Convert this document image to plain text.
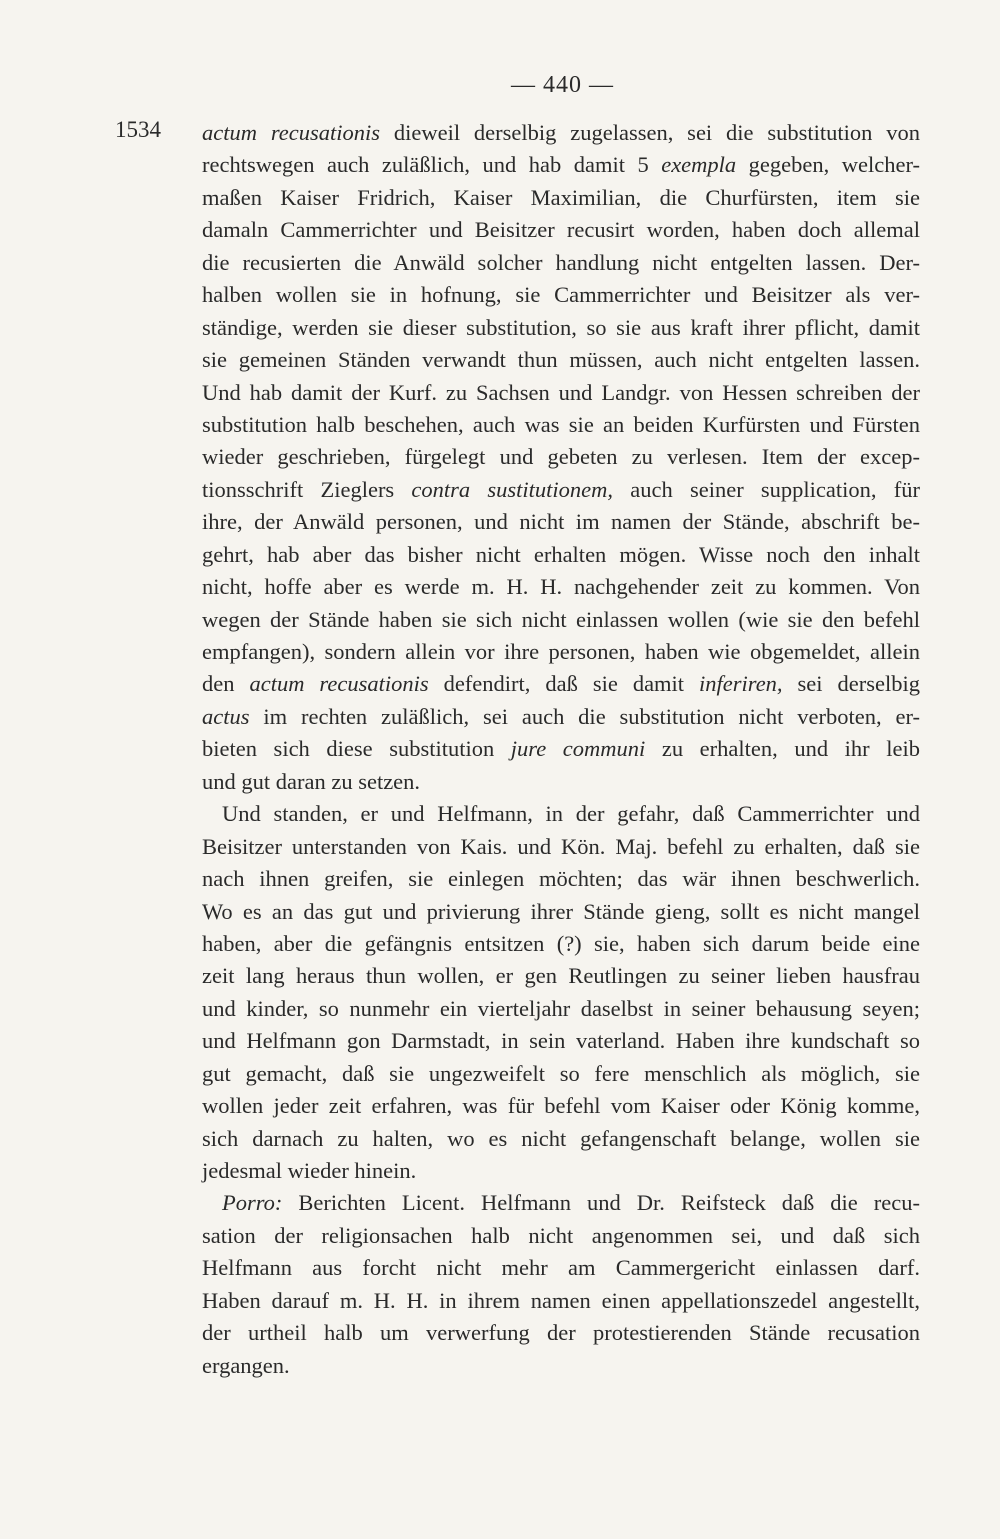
— 440 —
1534 actum recusationis dieweil derselbig zugelassen, sei die substitution von
rechtswegen auch zuläßlich, und hab damit 5 exempla gegeben, welcher-
maßen Kaiser Fridrich, Kaiser Maximilian, die Churfürsten, item sie
damaln Cammerrichter und Beisitzer recusirt worden, haben doch allemal
die recusierten die Anwäld solcher handlung nicht entgelten lassen. Der-
halben wollen sie in hofnung, sie Cammerrichter und Beisitzer als ver-
ständige, werden sie dieser substitution, so sie aus kraft ihrer pflicht, damit
sie gemeinen Ständen verwandt thun müssen, auch nicht entgelten lassen.
Und hab damit der Kurf. zu Sachsen und Landgr. von Hessen schreiben der
substitution halb beschehen, auch was sie an beiden Kurfürsten und Fürsten
wieder geschrieben, fürgelegt und gebeten zu verlesen. Item der excep-
tionsschrift Zieglers contra sustitutionem, auch seiner supplication, für
ihre, der Anwäld personen, und nicht im namen der Stände, abschrift be-
gehrt, hab aber das bisher nicht erhalten mögen. Wisse noch den inhalt
nicht, hoffe aber es werde m. H. H. nachgehender zeit zu kommen. Von
wegen der Stände haben sie sich nicht einlassen wollen (wie sie den befehl
empfangen), sondern allein vor ihre personen, haben wie obgemeldet, allein
den actum recusationis defendirt, daß sie damit inferiren, sei derselbig
actus im rechten zuläßlich, sei auch die substitution nicht verboten, er-
bieten sich diese substitution jure communi zu erhalten, und ihr leib
und gut daran zu setzen.
Und standen, er und Helfmann, in der gefahr, daß Cammerrichter und
Beisitzer unterstanden von Kais. und Kön. Maj. befehl zu erhalten, daß sie
nach ihnen greifen, sie einlegen möchten; das wär ihnen beschwerlich.
Wo es an das gut und privierung ihrer Stände gieng, sollt es nicht mangel
haben, aber die gefängnis entsitzen (?) sie, haben sich darum beide eine
zeit lang heraus thun wollen, er gen Reutlingen zu seiner lieben hausfrau
und kinder, so nunmehr ein vierteljahr daselbst in seiner behausung seyen;
und Helfmann gon Darmstadt, in sein vaterland. Haben ihre kundschaft so
gut gemacht, daß sie ungezweifelt so fere menschlich als möglich, sie
wollen jeder zeit erfahren, was für befehl vom Kaiser oder König komme,
sich darnach zu halten, wo es nicht gefangenschaft belange, wollen sie
jedesmal wieder hinein.
Porro: Berichten Licent. Helfmann und Dr. Reifsteck daß die recu-
sation der religionsachen halb nicht angenommen sei, und daß sich
Helfmann aus forcht nicht mehr am Cammergericht einlassen darf.
Haben darauf m. H. H. in ihrem namen einen appellationszedel angestellt,
der urtheil halb um verwerfung der protestierenden Stände recusation
ergangen.
